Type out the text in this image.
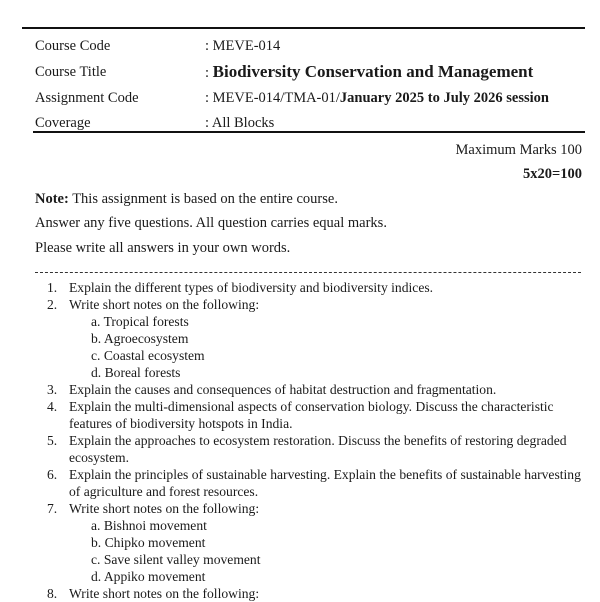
Course Code	: MEVE-014
Course Title	: Biodiversity Conservation and Management
Assignment Code	: MEVE-014/TMA-01/January 2025 to July 2026 session
Coverage	: All Blocks
Maximum Marks 100
5x20=100
Note: This assignment is based on the entire course.
Answer any five questions. All question carries equal marks.
Please write all answers in your own words.
1. Explain the different types of biodiversity and biodiversity indices.
2. Write short notes on the following:
a. Tropical forests
b. Agroecosystem
c. Coastal ecosystem
d. Boreal forests
3. Explain the causes and consequences of habitat destruction and fragmentation.
4. Explain the multi-dimensional aspects of conservation biology. Discuss the characteristic features of biodiversity hotspots in India.
5. Explain the approaches to ecosystem restoration. Discuss the benefits of restoring degraded ecosystem.
6. Explain the principles of sustainable harvesting. Explain the benefits of sustainable harvesting of agriculture and forest resources.
7. Write short notes on the following:
a. Bishnoi movement
b. Chipko movement
c. Save silent valley movement
d. Appiko movement
8. Write short notes on the following:
